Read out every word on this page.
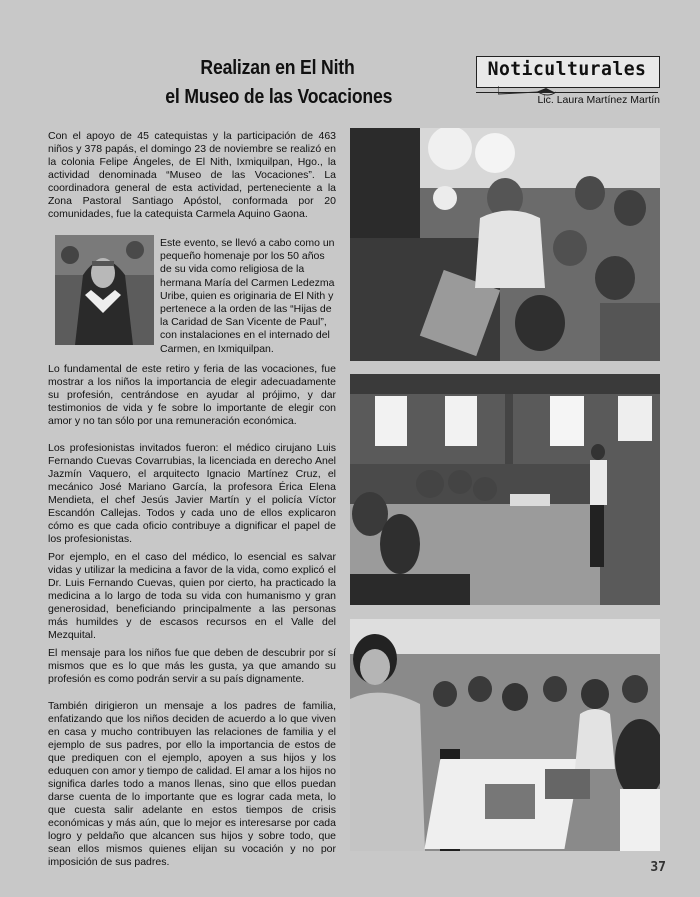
Realizan en El Nith
el Museo de las Vocaciones
Noticulturales
Lic. Laura Martínez Martín

Con el apoyo de 45 catequistas y la participación de 463 niños y 378 papás, el domingo 23 de noviembre se realizó en la colonia Felipe Ángeles, de El Nith, Ixmiquilpan, Hgo., la actividad denominada “Museo de las Vocaciones”. La coordinadora general de esta actividad, perteneciente a la Zona Pastoral Santiago Apóstol, conformada por 20 comunidades, fue la catequista Carmela Aquino Gaona.

Este evento, se llevó a cabo como un pequeño homenaje por los 50 años de su vida como religiosa de la hermana María del Carmen Ledezma Uribe, quien es originaria de El Nith y pertenece a la orden de las “Hijas de la Caridad de San Vicente de Paul”, con instalaciones en el internado del Carmen, en Ixmiquilpan.

Lo fundamental de este retiro y feria de las vocaciones, fue mostrar a los niños la importancia de elegir adecuadamente su profesión, centrándose en ayudar al prójimo, y dar testimonios de vida y fe sobre lo importante de elegir con amor y no tan sólo por una remuneración económica.

Los profesionistas invitados fueron: el médico cirujano Luis Fernando Cuevas Covarrubias, la licenciada en derecho Anel Jazmín Vaquero, el arquitecto Ignacio Martínez Cruz, el mecánico José Mariano García, la profesora Érica Elena Mendieta, el chef Jesús Javier Martín y el policía Víctor Escandón Callejas. Todos y cada uno de ellos explicaron cómo es que cada oficio contribuye a dignificar el papel de los profesionistas.

Por ejemplo, en el caso del médico, lo esencial es salvar vidas y utilizar la medicina a favor de la vida, como explicó el Dr. Luis Fernando Cuevas, quien por cierto, ha practicado la medicina a lo largo de toda su vida con humanismo y gran generosidad, beneficiando principalmente a las personas más humildes y de escasos recursos en el Valle del Mezquital.

El mensaje para los niños fue que deben de descubrir por sí mismos que es lo que más les gusta, ya que amando su profesión es como podrán servir a su país dignamente.

También dirigieron un mensaje a los padres de familia, enfatizando que los niños deciden de acuerdo a lo que viven en casa y mucho contribuyen las relaciones de familia y el ejemplo de sus padres, por ello la importancia de estos de que prediquen con el ejemplo, apoyen a sus hijos y los eduquen con amor y tiempo de calidad. El amar a los hijos no significa darles todo a manos llenas, sino que ellos puedan darse cuenta de lo importante que es lograr cada meta, lo que cuesta salir adelante en estos tiempos de crisis económicas y más aún, que lo mejor es interesarse por cada logro y peldaño que alcancen sus hijos y sobre todo, que sean ellos mismos quienes elijan su vocación y no por imposición de sus padres.	37
